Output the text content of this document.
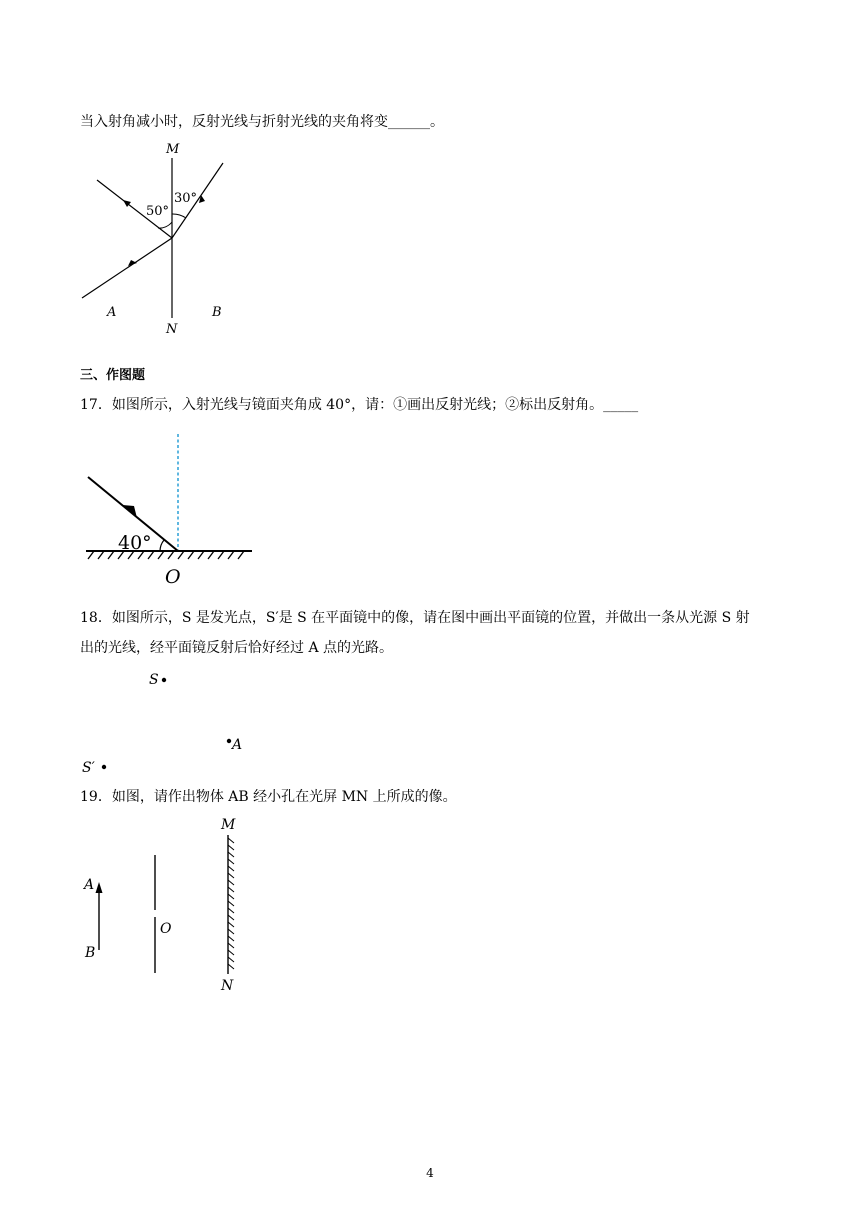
当入射角减小时，反射光线与折射光线的夹角将变______。
M
N
A	B
50°
30°
三、作图题
17．如图所示，入射光线与镜面夹角成 40°，请：①画出反射光线；②标出反射角。_____
40°
O
18．如图所示，S 是发光点，S′是 S 在平面镜中的像，请在图中画出平面镜的位置，并做出一条从光源 S 射
出的光线，经平面镜反射后恰好经过 A 点的光路。
S
A
S′
19．如图，请作出物体 AB 经小孔在光屏 MN 上所成的像。
A
B
O
M
N
4
